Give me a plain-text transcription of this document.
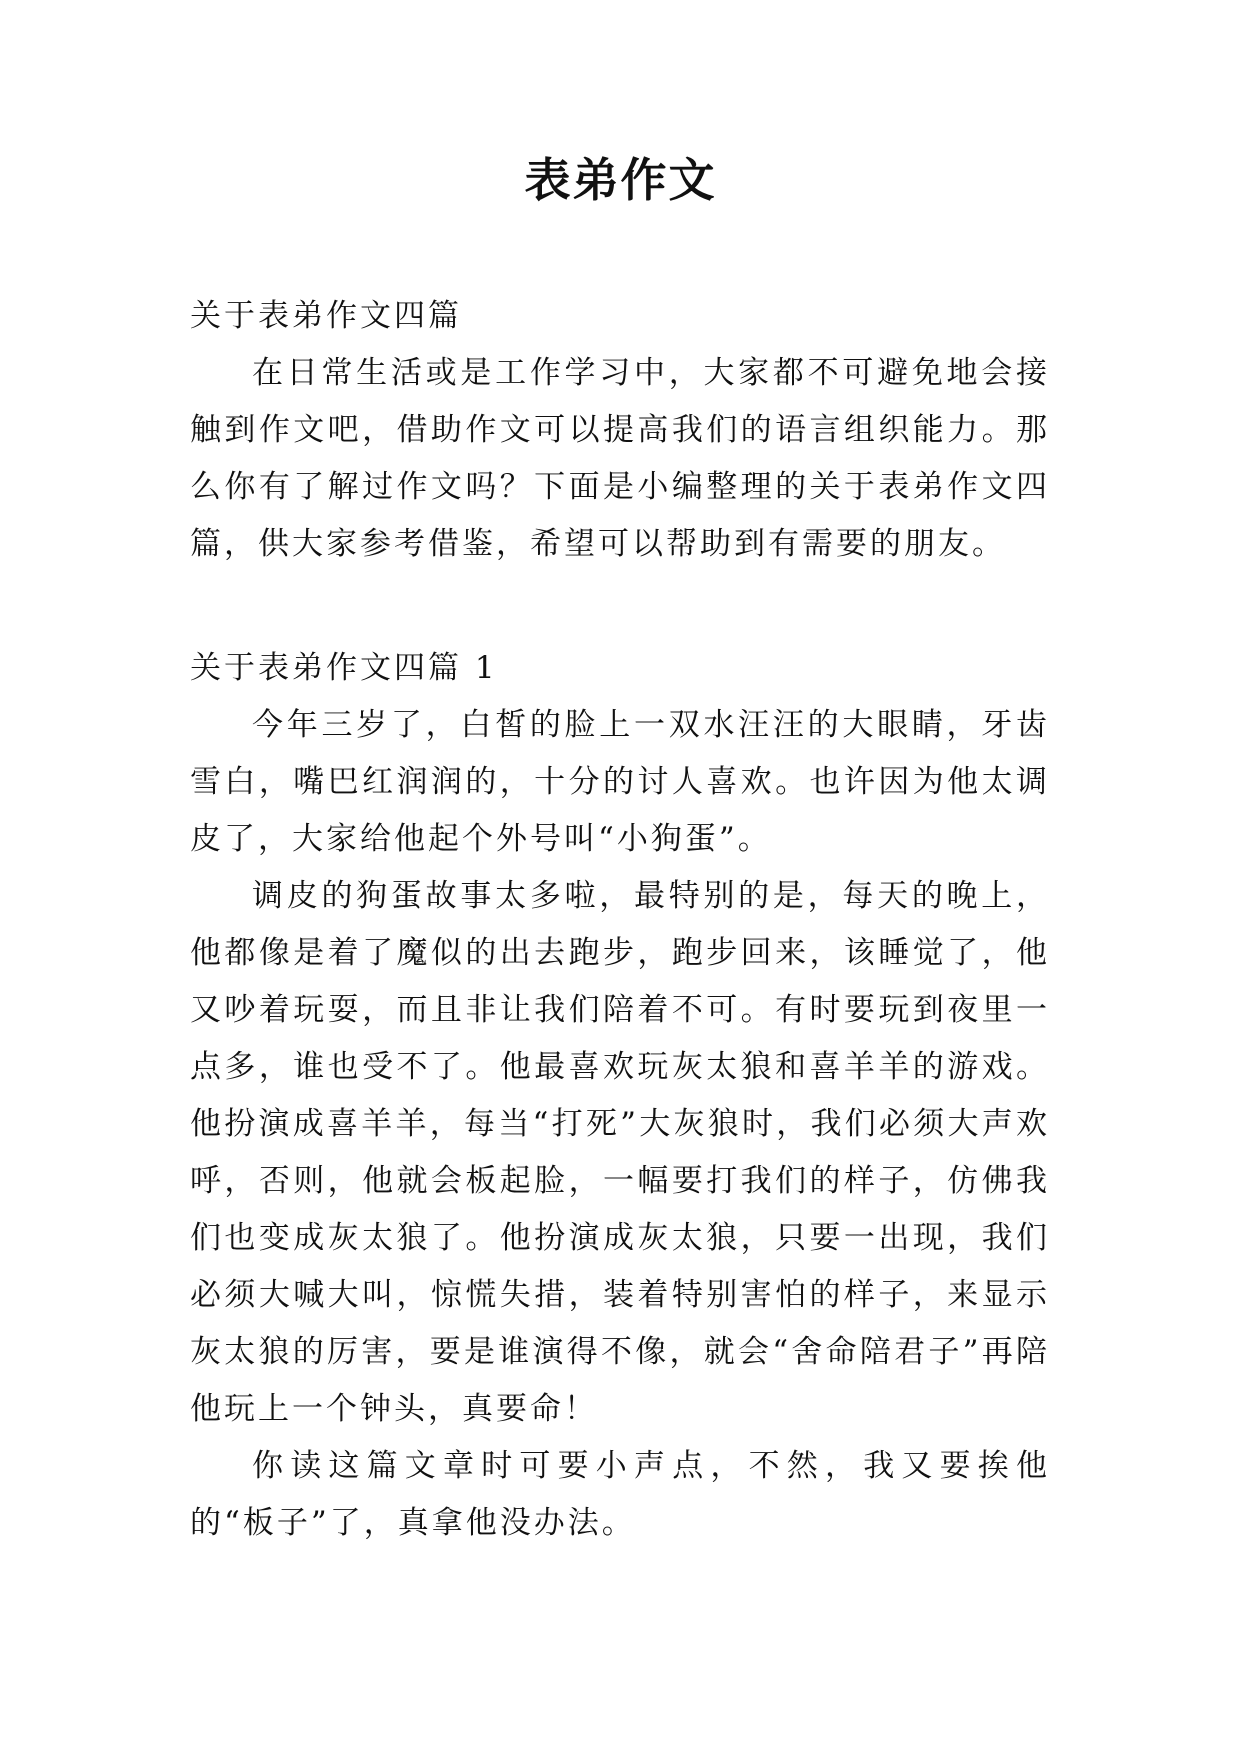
表弟作文

关于表弟作文四篇

在日常生活或是工作学习中，大家都不可避免地会接触到作文吧，借助作文可以提高我们的语言组织能力。那么你有了解过作文吗？下面是小编整理的关于表弟作文四篇，供大家参考借鉴，希望可以帮助到有需要的朋友。

关于表弟作文四篇 1

今年三岁了，白皙的脸上一双水汪汪的大眼睛，牙齿雪白，嘴巴红润润的，十分的讨人喜欢。也许因为他太调皮了，大家给他起个外号叫“小狗蛋”。

调皮的狗蛋故事太多啦，最特别的是，每天的晚上，他都像是着了魔似的出去跑步，跑步回来，该睡觉了，他又吵着玩耍，而且非让我们陪着不可。有时要玩到夜里一点多，谁也受不了。他最喜欢玩灰太狼和喜羊羊的游戏。他扮演成喜羊羊，每当“打死”大灰狼时，我们必须大声欢呼，否则，他就会板起脸，一幅要打我们的样子，仿佛我们也变成灰太狼了。他扮演成灰太狼，只要一出现，我们必须大喊大叫，惊慌失措，装着特别害怕的样子，来显示灰太狼的厉害，要是谁演得不像，就会“舍命陪君子”再陪他玩上一个钟头，真要命！

你读这篇文章时可要小声点，不然，我又要挨他的“板子”了，真拿他没办法。
